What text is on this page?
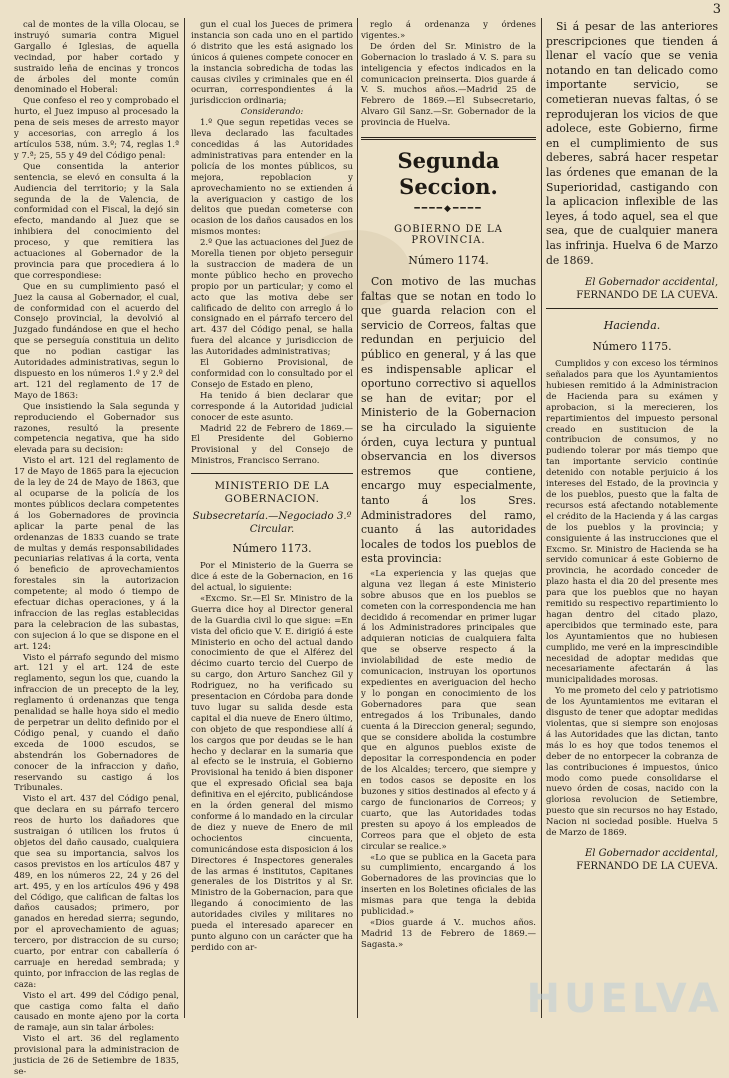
3

cal de montes de la villa Olocau, se instruyó sumaria contra Miguel Gargallo é Iglesias, de aquella vecindad, por haber cortado y sustraido leña de encinas y troncos de árboles del monte común denominado el Hoberal:

Que confeso el reo y comprobado el hurto, el Juez impuso al procesado la pena de seis meses de arresto mayor y accesorias, con arreglo á los artículos 538, núm. 3.º; 74, reglas 1.ª y 7.ª; 25, 55 y 49 del Código penal:

Que consentida la anterior sentencia, se elevó en consulta á la Audiencia del territorio; y la Sala segunda de la de Valencia, de conformidad con el Fiscal, la dejó sin efecto, mandando al Juez que se inhibiera del conocimiento del proceso, y que remitiera las actuaciones al Gobernador de la provincia para que procediera á lo que correspondiese:

Que en su cumplimiento pasó el Juez la causa al Gobernador, el cual, de conformidad con el acuerdo del Consejo provincial, la devolvió al Juzgado fundándose en que el hecho que se perseguía constituia un delito que no podian castigar las Autoridades administrativas, segun lo dispuesto en los números 1.º y 2.º del art. 121 del reglamento de 17 de Mayo de 1863:

Que insistiendo la Sala segunda y reproduciendo el Gobernador sus razones, resultó la presente competencia negativa, que ha sido elevada para su decision:

Visto el art. 121 del reglamento de 17 de Mayo de 1865 para la ejecucion de la ley de 24 de Mayo de 1863, que al ocuparse de la policía de los montes públicos declara competentes á los Gobernadores de provincia aplicar la parte penal de las ordenanzas de 1833 cuando se trate de multas y demás responsabilidades pecuniarias relativas á la corta, venta ó beneficio de aprovechamientos forestales sin la autorizacion competente; al modo ó tiempo de efectuar dichas operaciones, y á la infraccion de las reglas establecidas para la celebracion de las subastas, con sujecion á lo que se dispone en el art. 124:

Visto el párrafo segundo del mismo art. 121 y el art. 124 de este reglamento, segun los que, cuando la infraccion de un precepto de la ley, reglamento ú ordenanzas que tenga penalidad se halle hoya sido el medio de perpetrar un delito definido por el Código penal, y cuando el daño exceda de 1000 escudos, se abstendrán los Gobernadores de conocer de la infraccion y daño, reservando su castigo á los Tribunales.

Visto el art. 437 del Código penal, que declara en su párrafo tercero reos de hurto los dañadores que sustraigan ó utilicen los frutos ú objetos del daño causado, cualquiera que sea su importancia, salvos los casos previstos en los artículos 487 y 489, en los números 22, 24 y 26 del art. 495, y en los artículos 496 y 498 del Código, que califican de faltas los daños causados; primero, por ganados en heredad sierra; segundo, por el aprovechamiento de aguas; tercero, por distraccion de su curso; cuarto, por entrar con caballería ó carruaje en heredad sembrada; y quinto, por infraccion de las reglas de caza:

Visto el art. 499 del Código penal, que castiga como falta el daño causado en monte ajeno por la corta de ramaje, aun sin talar árboles:

Visto el art. 36 del reglamento provisional para la administracion de justicia de 26 de Setiembre de 1835, se-

gun el cual los Jueces de primera instancia son cada uno en el partido ó distrito que les está asignado los únicos á quienes compete conocer en la instancia sobredicha de todas las causas civiles y criminales que en él ocurran, correspondientes á la jurisdiccion ordinaria;

Considerando:

1.º Que segun repetidas veces se lleva declarado las facultades concedidas á las Autoridades administrativas para entender en la policía de los montes públicos, su mejora, repoblacion y aprovechamiento no se extienden á la averiguacion y castigo de los delitos que puedan cometerse con ocasion de los daños causados en los mismos montes:

2.º Que las actuaciones del Juez de Morella tienen por objeto perseguir la sustraccion de madera de un monte público hecho en provecho propio por un particular; y como el acto que las motiva debe ser calificado de delito con arreglo á lo consignado en el párrafo tercero del art. 437 del Código penal, se halla fuera del alcance y jurisdiccion de las Autoridades administrativas;

El Gobierno Provisional, de conformidad con lo consultado por el Consejo de Estado en pleno,

Ha tenido á bien declarar que corresponde á la Autoridad judicial conocer de este asunto.

Madrid 22 de Febrero de 1869.— El Presidente del Gobierno Provisional y del Consejo de Ministros, Francisco Serrano.

MINISTERIO DE LA GOBERNACION.
Subsecretaría.—Negociado 3.º Circular.
Número 1173.

Por el Ministerio de la Guerra se dice á este de la Gobernacion, en 16 del actual, lo siguiente:

«Excmo. Sr.—El Sr. Ministro de la Guerra dice hoy al Director general de la Guardia civil lo que sigue: =En vista del oficio que V. E. dirigió á este Ministerio en ocho del actual dando conocimiento de que el Alférez del décimo cuarto tercio del Cuerpo de su cargo, don Arturo Sanchez Gil y Rodriguez, no ha verificado su presentacion en Córdoba para donde tuvo lugar su salida desde esta capital el dia nueve de Enero último, con objeto de que respondiese allí á los cargos que por deudas se le han hecho y declarar en la sumaria que al efecto se le instruia, el Gobierno Provisional ha tenido á bien disponer que el expresado Oficial sea baja definitiva en el ejército, publicándose en la órden general del mismo conforme á lo mandado en la circular de diez y nueve de Enero de mil ochocientos cincuenta, comunicándose esta disposicion á los Directores é Inspectores generales de las armas é institutos, Capitanes generales de los Distritos y al Sr. Ministro de la Gobernacion, para que llegando á conocimiento de las autoridades civiles y militares no pueda el interesado aparecer en punto alguno con un carácter que ha perdido con ar-

reglo á ordenanza y órdenes vigentes.»

De órden del Sr. Ministro de la Gobernacion lo traslado á V. S. para su inteligencia y efectos indicados en la comunicacion preinserta. Dios guarde á V. S. muchos años.—Madrid 25 de Febrero de 1869.—El Subsecretario, Alvaro Gil Sanz.—Sr. Gobernador de la provincia de Huelva.

Segunda Seccion.
━━━━◆━━━━
GOBIERNO DE LA PROVINCIA.
Número 1174.

Con motivo de las muchas faltas que se notan en todo lo que guarda relacion con el servicio de Correos, faltas que redundan en perjuicio del público en general, y á las que es indispensable aplicar el oportuno correctivo si aquellos se han de evitar; por el Ministerio de la Gobernacion se ha circulado la siguiente órden, cuya lectura y puntual observancia en los diversos estremos que contiene, encargo muy especialmente, tanto á los Sres. Administradores del ramo, cuanto á las autoridades locales de todos los pueblos de esta provincia:

«La experiencia y las quejas que alguna vez llegan á este Ministerio sobre abusos que en los pueblos se cometen con la correspondencia me han decidido á recomendar en primer lugar á los Administradores principales que adquieran noticias de cualquiera falta que se observe respecto á la inviolabilidad de este medio de comunicacion, instruyan los oportunos expedientes en averiguacion del hecho y lo pongan en conocimiento de los Gobernadores para que sean entregados á los Tribunales, dando cuenta á la Direccion general; segundo, que se considere abolida la costumbre que en algunos pueblos existe de depositar la correspondencia en poder de los Alcaldes; tercero, que siempre y en todos casos se deposite en los buzones y sitios destinados al efecto y á cargo de funcionarios de Correos; y cuarto, que las Autoridades todas presten su apoyo á los empleados de Correos para que el objeto de esta circular se realice.»

«Lo que se publica en la Gaceta para su cumplimiento, encargando á los Gobernadores de las provincias que lo inserten en los Boletines oficiales de las mismas para que tenga la debida publicidad.»

«Dios guarde á V.. muchos años. Madrid 13 de Febrero de 1869.— Sagasta.»

Si á pesar de las anteriores prescripciones que tienden á llenar el vacío que se venia notando en tan delicado como importante servicio, se cometieran nuevas faltas, ó se reprodujeran los vicios de que adolece, este Gobierno, firme en el cumplimiento de sus deberes, sabrá hacer respetar las órdenes que emanan de la Superioridad, castigando con la aplicacion inflexible de las leyes, á todo aquel, sea el que sea, que de cualquier manera las infrinja. Huelva 6 de Marzo de 1869.

El Gobernador accidental,
FERNANDO DE LA CUEVA.
Hacienda.
Número 1175.

Cumplidos y con exceso los términos señalados para que los Ayuntamientos hubiesen remitido á la Administracion de Hacienda para su exámen y aprobacion, si la merecieren, los repartimientos del impuesto personal creado en sustitucion de la contribucion de consumos, y no pudiendo tolerar por más tiempo que tan importante servicio continúe detenido con notable perjuicio á los intereses del Estado, de la provincia y de los pueblos, puesto que la falta de recursos está afectando notablemente el crédito de la Hacienda y á las cargas de los pueblos y la provincia; y consiguiente á las instrucciones que el Excmo. Sr. Ministro de Hacienda se ha servido comunicar á este Gobierno de provincia, he acordado conceder de plazo hasta el dia 20 del presente mes para que los pueblos que no hayan remitido su respectivo repartimiento lo hagan dentro del citado plazo, apercibidos que terminado este, para los Ayuntamientos que no hubiesen cumplido, me veré en la imprescindible necesidad de adoptar medidas que necesariamente afectarán á las municipalidades morosas.

Yo me prometo del celo y patriotismo de los Ayuntamientos me evitaran el disgusto de tener que adoptar medidas violentas, que si siempre son enojosas á las Autoridades que las dictan, tanto más lo es hoy que todos tenemos el deber de no entorpecer la cobranza de las contribuciones é impuestos, único modo como puede consolidarse el nuevo órden de cosas, nacido con la gloriosa revolucion de Setiembre, puesto que sin recursos no hay Estado, Nacion ni sociedad posible. Huelva 5 de Marzo de 1869.

El Gobernador accidental,
FERNANDO DE LA CUEVA.
HUELVA
